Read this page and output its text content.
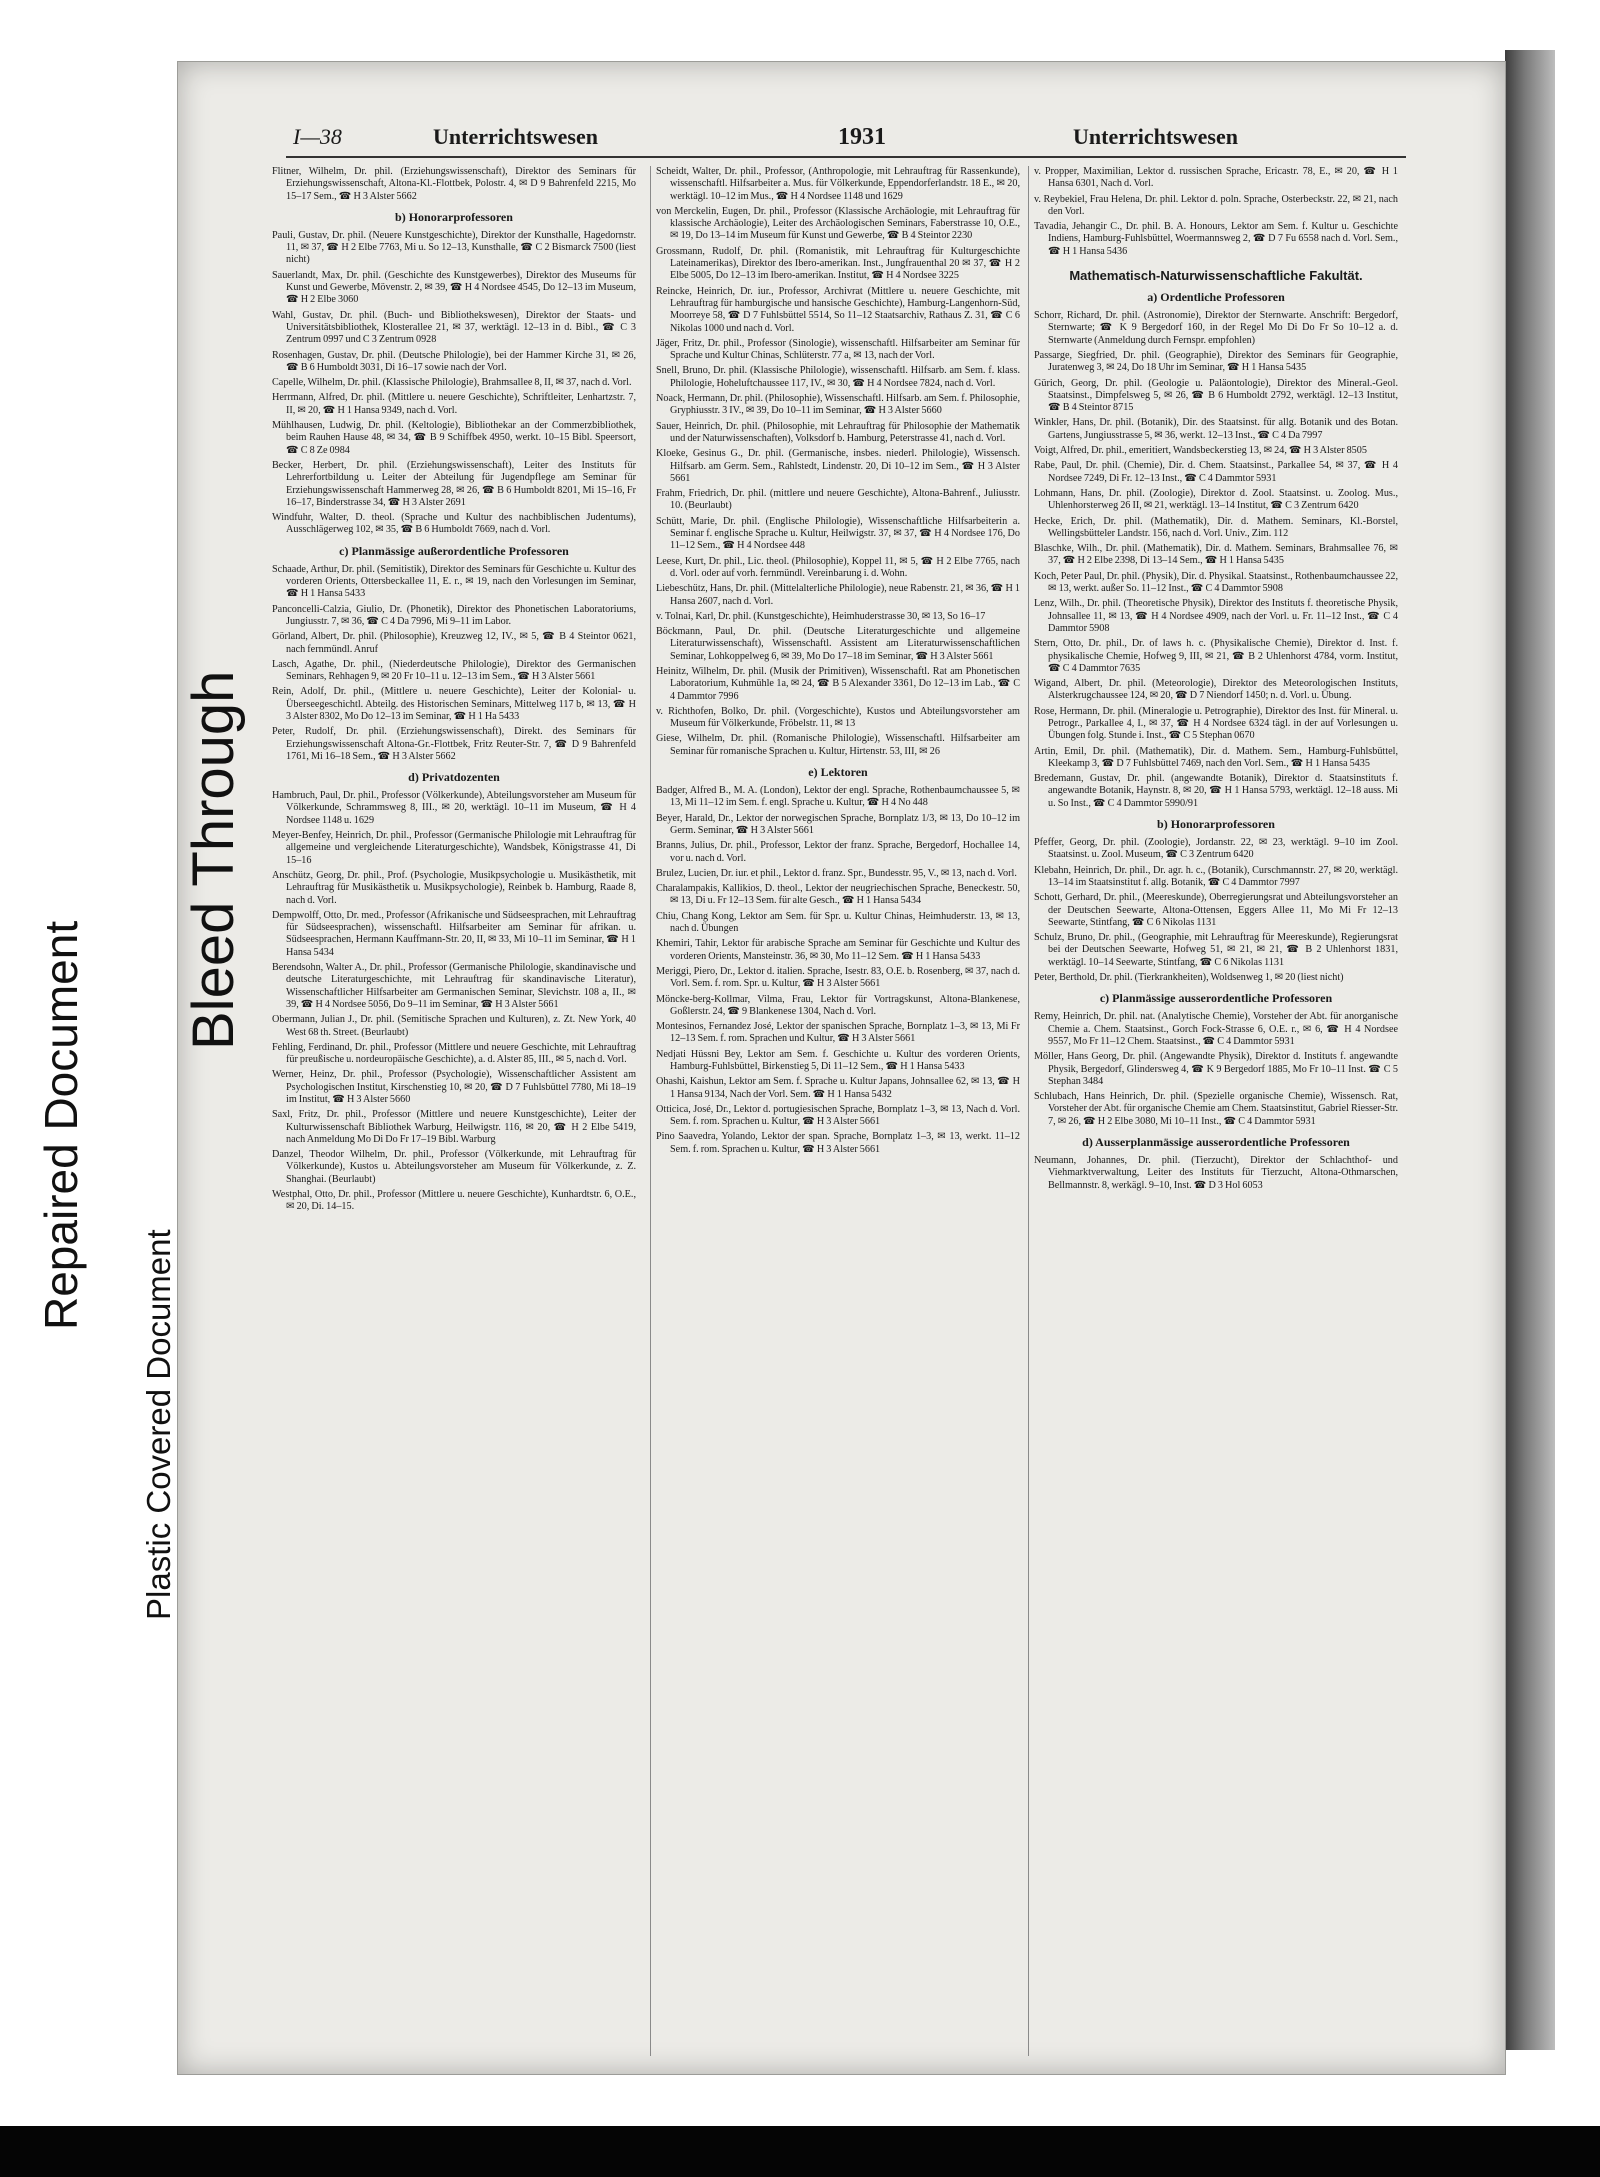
I—38	Unterrichtswesen	1931	Unterrichtswesen

Flitner, Wilhelm, Dr. phil. (Erziehungswissenschaft), Direktor des Seminars für Erziehungswissenschaft, Altona-Kl.-Flottbek, Polostr. 4, ✉ D 9 Bahrenfeld 2215, Mo 15–17 Sem., ☎ H 3 Alster 5662

b) Honorarprofessoren

Pauli, Gustav, Dr. phil. (Neuere Kunstgeschichte), Direktor der Kunsthalle, Hagedornstr. 11, ✉ 37, ☎ H 2 Elbe 7763, Mi u. So 12–13, Kunsthalle, ☎ C 2 Bismarck 7500 (liest nicht)

Sauerlandt, Max, Dr. phil. (Geschichte des Kunstgewerbes), Direktor des Museums für Kunst und Gewerbe, Mövenstr. 2, ✉ 39, ☎ H 4 Nordsee 4545, Do 12–13 im Museum, ☎ H 2 Elbe 3060

Wahl, Gustav, Dr. phil. (Buch- und Bibliothekswesen), Direktor der Staats- und Universitätsbibliothek, Klosterallee 21, ✉ 37, werktägl. 12–13 in d. Bibl., ☎ C 3 Zentrum 0997 und C 3 Zentrum 0928

Rosenhagen, Gustav, Dr. phil. (Deutsche Philologie), bei der Hammer Kirche 31, ✉ 26, ☎ B 6 Humboldt 3031, Di 16–17 sowie nach der Vorl.

Capelle, Wilhelm, Dr. phil. (Klassische Philologie), Brahmsallee 8, II, ✉ 37, nach d. Vorl.

Herrmann, Alfred, Dr. phil. (Mittlere u. neuere Geschichte), Schriftleiter, Lenhartzstr. 7, II, ✉ 20, ☎ H 1 Hansa 9349, nach d. Vorl.

Mühlhausen, Ludwig, Dr. phil. (Keltologie), Bibliothekar an der Commerzbibliothek, beim Rauhen Hause 48, ✉ 34, ☎ B 9 Schiffbek 4950, werkt. 10–15 Bibl. Speersort, ☎ C 8 Ze 0984

Becker, Herbert, Dr. phil. (Erziehungswissenschaft), Leiter des Instituts für Lehrerfortbildung u. Leiter der Abteilung für Jugendpflege am Seminar für Erziehungswissenschaft Hammerweg 28, ✉ 26, ☎ B 6 Humboldt 8201, Mi 15–16, Fr 16–17, Binderstrasse 34, ☎ H 3 Alster 2691

Windfuhr, Walter, D. theol. (Sprache und Kultur des nachbiblischen Judentums), Ausschlägerweg 102, ✉ 35, ☎ B 6 Humboldt 7669, nach d. Vorl.

c) Planmässige außerordentliche Professoren

Schaade, Arthur, Dr. phil. (Semitistik), Direktor des Seminars für Geschichte u. Kultur des vorderen Orients, Ottersbeckallee 11, E. r., ✉ 19, nach den Vorlesungen im Seminar, ☎ H 1 Hansa 5433

Panconcelli-Calzia, Giulio, Dr. (Phonetik), Direktor des Phonetischen Laboratoriums, Jungiusstr. 7, ✉ 36, ☎ C 4 Da 7996, Mi 9–11 im Labor.

Görland, Albert, Dr. phil. (Philosophie), Kreuzweg 12, IV., ✉ 5, ☎ B 4 Steintor 0621, nach fernmündl. Anruf

Lasch, Agathe, Dr. phil., (Niederdeutsche Philologie), Direktor des Germanischen Seminars, Rehhagen 9, ✉ 20 Fr 10–11 u. 12–13 im Sem., ☎ H 3 Alster 5661

Rein, Adolf, Dr. phil., (Mittlere u. neuere Geschichte), Leiter der Kolonial- u. Überseegeschichtl. Abteilg. des Historischen Seminars, Mittelweg 117 b, ✉ 13, ☎ H 3 Alster 8302, Mo Do 12–13 im Seminar, ☎ H 1 Ha 5433

Peter, Rudolf, Dr. phil. (Erziehungswissenschaft), Direkt. des Seminars für Erziehungswissenschaft Altona-Gr.-Flottbek, Fritz Reuter-Str. 7, ☎ D 9 Bahrenfeld 1761, Mi 16–18 Sem., ☎ H 3 Alster 5662

d) Privatdozenten

Hambruch, Paul, Dr. phil., Professor (Völkerkunde), Abteilungsvorsteher am Museum für Völkerkunde, Schrammsweg 8, III., ✉ 20, werktägl. 10–11 im Museum, ☎ H 4 Nordsee 1148 u. 1629

Meyer-Benfey, Heinrich, Dr. phil., Professor (Germanische Philologie mit Lehrauftrag für allgemeine und vergleichende Literaturgeschichte), Wandsbek, Königstrasse 41, Di 15–16

Anschütz, Georg, Dr. phil., Prof. (Psychologie, Musikpsychologie u. Musikästhetik, mit Lehrauftrag für Musikästhetik u. Musikpsychologie), Reinbek b. Hamburg, Raade 8, nach d. Vorl.

Dempwolff, Otto, Dr. med., Professor (Afrikanische und Südseesprachen, mit Lehrauftrag für Südseesprachen), wissenschaftl. Hilfsarbeiter am Seminar für afrikan. u. Südseesprachen, Hermann Kauffmann-Str. 20, II, ✉ 33, Mi 10–11 im Seminar, ☎ H 1 Hansa 5434

Berendsohn, Walter A., Dr. phil., Professor (Germanische Philologie, skandinavische und deutsche Literaturgeschichte, mit Lehrauftrag für skandinavische Literatur), Wissenschaftlicher Hilfsarbeiter am Germanischen Seminar, Slevichstr. 108 a, II., ✉ 39, ☎ H 4 Nordsee 5056, Do 9–11 im Seminar, ☎ H 3 Alster 5661

Obermann, Julian J., Dr. phil. (Semitische Sprachen und Kulturen), z. Zt. New York, 40 West 68 th. Street. (Beurlaubt)

Fehling, Ferdinand, Dr. phil., Professor (Mittlere und neuere Geschichte, mit Lehrauftrag für preußische u. nordeuropäische Geschichte), a. d. Alster 85, III., ✉ 5, nach d. Vorl.

Werner, Heinz, Dr. phil., Professor (Psychologie), Wissenschaftlicher Assistent am Psychologischen Institut, Kirschenstieg 10, ✉ 20, ☎ D 7 Fuhlsbüttel 7780, Mi 18–19 im Institut, ☎ H 3 Alster 5660

Saxl, Fritz, Dr. phil., Professor (Mittlere und neuere Kunstgeschichte), Leiter der Kulturwissenschaft Bibliothek Warburg, Heilwigstr. 116, ✉ 20, ☎ H 2 Elbe 5419, nach Anmeldung Mo Di Do Fr 17–19 Bibl. Warburg

Danzel, Theodor Wilhelm, Dr. phil., Professor (Völkerkunde, mit Lehrauftrag für Völkerkunde), Kustos u. Abteilungsvorsteher am Museum für Völkerkunde, z. Z. Shanghai. (Beurlaubt)

Westphal, Otto, Dr. phil., Professor (Mittlere u. neuere Geschichte), Kunhardtstr. 6, O.E., ✉ 20, Di. 14–15.

Scheidt, Walter, Dr. phil., Professor, (Anthropologie, mit Lehrauftrag für Rassenkunde), wissenschaftl. Hilfsarbeiter a. Mus. für Völkerkunde, Eppendorferlandstr. 18 E., ✉ 20, werktägl. 10–12 im Mus., ☎ H 4 Nordsee 1148 und 1629

von Merckelin, Eugen, Dr. phil., Professor (Klassische Archäologie, mit Lehrauftrag für klassische Archäologie), Leiter des Archäologischen Seminars, Faberstrasse 10, O.E., ✉ 19, Do 13–14 im Museum für Kunst und Gewerbe, ☎ B 4 Steintor 2230

Grossmann, Rudolf, Dr. phil. (Romanistik, mit Lehrauftrag für Kulturgeschichte Lateinamerikas), Direktor des Ibero-amerikan. Inst., Jungfrauenthal 20 ✉ 37, ☎ H 2 Elbe 5005, Do 12–13 im Ibero-amerikan. Institut, ☎ H 4 Nordsee 3225

Reincke, Heinrich, Dr. iur., Professor, Archivrat (Mittlere u. neuere Geschichte, mit Lehrauftrag für hamburgische und hansische Geschichte), Hamburg-Langenhorn-Süd, Moorreye 58, ☎ D 7 Fuhlsbüttel 5514, So 11–12 Staatsarchiv, Rathaus Z. 31, ☎ C 6 Nikolas 1000 und nach d. Vorl.

Jäger, Fritz, Dr. phil., Professor (Sinologie), wissenschaftl. Hilfsarbeiter am Seminar für Sprache und Kultur Chinas, Schlüterstr. 77 a, ✉ 13, nach der Vorl.

Snell, Bruno, Dr. phil. (Klassische Philologie), wissenschaftl. Hilfsarb. am Sem. f. klass. Philologie, Hoheluftchaussee 117, IV., ✉ 30, ☎ H 4 Nordsee 7824, nach d. Vorl.

Noack, Hermann, Dr. phil. (Philosophie), Wissenschaftl. Hilfsarb. am Sem. f. Philosophie, Gryphiusstr. 3 IV., ✉ 39, Do 10–11 im Seminar, ☎ H 3 Alster 5660

Sauer, Heinrich, Dr. phil. (Philosophie, mit Lehrauftrag für Philosophie der Mathematik und der Naturwissenschaften), Volksdorf b. Hamburg, Peterstrasse 41, nach d. Vorl.

Kloeke, Gesinus G., Dr. phil. (Germanische, insbes. niederl. Philologie), Wissensch. Hilfsarb. am Germ. Sem., Rahlstedt, Lindenstr. 20, Di 10–12 im Sem., ☎ H 3 Alster 5661

Frahm, Friedrich, Dr. phil. (mittlere und neuere Geschichte), Altona-Bahrenf., Juliusstr. 10. (Beurlaubt)

Schütt, Marie, Dr. phil. (Englische Philologie), Wissenschaftliche Hilfsarbeiterin a. Seminar f. englische Sprache u. Kultur, Heilwigstr. 37, ✉ 37, ☎ H 4 Nordsee 176, Do 11–12 Sem., ☎ H 4 Nordsee 448

Leese, Kurt, Dr. phil., Lic. theol. (Philosophie), Koppel 11, ✉ 5, ☎ H 2 Elbe 7765, nach d. Vorl. oder auf vorh. fernmündl. Vereinbarung i. d. Wohn.

Liebeschütz, Hans, Dr. phil. (Mittelalterliche Philologie), neue Rabenstr. 21, ✉ 36, ☎ H 1 Hansa 2607, nach d. Vorl.

v. Tolnai, Karl, Dr. phil. (Kunstgeschichte), Heimhuderstrasse 30, ✉ 13, So 16–17

Böckmann, Paul, Dr. phil. (Deutsche Literaturgeschichte und allgemeine Literaturwissenschaft), Wissenschaftl. Assistent am Literaturwissenschaftlichen Seminar, Lohkoppelweg 6, ✉ 39, Mo Do 17–18 im Seminar, ☎ H 3 Alster 5661

Heinitz, Wilhelm, Dr. phil. (Musik der Primitiven), Wissenschaftl. Rat am Phonetischen Laboratorium, Kuhmühle 1a, ✉ 24, ☎ B 5 Alexander 3361, Do 12–13 im Lab., ☎ C 4 Dammtor 7996

v. Richthofen, Bolko, Dr. phil. (Vorgeschichte), Kustos und Abteilungsvorsteher am Museum für Völkerkunde, Fröbelstr. 11, ✉ 13

Giese, Wilhelm, Dr. phil. (Romanische Philologie), Wissenschaftl. Hilfsarbeiter am Seminar für romanische Sprachen u. Kultur, Hirtenstr. 53, III, ✉ 26

e) Lektoren

Badger, Alfred B., M. A. (London), Lektor der engl. Sprache, Rothenbaumchaussee 5, ✉ 13, Mi 11–12 im Sem. f. engl. Sprache u. Kultur, ☎ H 4 No 448

Beyer, Harald, Dr., Lektor der norwegischen Sprache, Bornplatz 1/3, ✉ 13, Do 10–12 im Germ. Seminar, ☎ H 3 Alster 5661

Branns, Julius, Dr. phil., Professor, Lektor der franz. Sprache, Bergedorf, Hochallee 14, vor u. nach d. Vorl.

Brulez, Lucien, Dr. iur. et phil., Lektor d. franz. Spr., Bundesstr. 95, V., ✉ 13, nach d. Vorl.

Charalampakis, Kallikios, D. theol., Lektor der neugriechischen Sprache, Beneckestr. 50, ✉ 13, Di u. Fr 12–13 Sem. für alte Gesch., ☎ H 1 Hansa 5434

Chiu, Chang Kong, Lektor am Sem. für Spr. u. Kultur Chinas, Heimhuderstr. 13, ✉ 13, nach d. Übungen

Khemiri, Tahir, Lektor für arabische Sprache am Seminar für Geschichte und Kultur des vorderen Orients, Mansteinstr. 36, ✉ 30, Mo 11–12 Sem. ☎ H 1 Hansa 5433

Meriggi, Piero, Dr., Lektor d. italien. Sprache, Isestr. 83, O.E. b. Rosenberg, ✉ 37, nach d. Vorl. Sem. f. rom. Spr. u. Kultur, ☎ H 3 Alster 5661

Möncke-berg-Kollmar, Vilma, Frau, Lektor für Vortragskunst, Altona-Blankenese, Goßlerstr. 24, ☎ 9 Blankenese 1304, Nach d. Vorl.

Montesinos, Fernandez José, Lektor der spanischen Sprache, Bornplatz 1–3, ✉ 13, Mi Fr 12–13 Sem. f. rom. Sprachen und Kultur, ☎ H 3 Alster 5661

Nedjati Hüssni Bey, Lektor am Sem. f. Geschichte u. Kultur des vorderen Orients, Hamburg-Fuhlsbüttel, Birkenstieg 5, Di 11–12 Sem., ☎ H 1 Hansa 5433

Ohashi, Kaishun, Lektor am Sem. f. Sprache u. Kultur Japans, Johnsallee 62, ✉ 13, ☎ H 1 Hansa 9134, Nach der Vorl. Sem. ☎ H 1 Hansa 5432

Otticica, José, Dr., Lektor d. portugiesischen Sprache, Bornplatz 1–3, ✉ 13, Nach d. Vorl. Sem. f. rom. Sprachen u. Kultur, ☎ H 3 Alster 5661

Pino Saavedra, Yolando, Lektor der span. Sprache, Bornplatz 1–3, ✉ 13, werkt. 11–12 Sem. f. rom. Sprachen u. Kultur, ☎ H 3 Alster 5661

v. Propper, Maximilian, Lektor d. russischen Sprache, Ericastr. 78, E., ✉ 20, ☎ H 1 Hansa 6301, Nach d. Vorl.

v. Reybekiel, Frau Helena, Dr. phil. Lektor d. poln. Sprache, Osterbeckstr. 22, ✉ 21, nach den Vorl.

Tavadia, Jehangir C., Dr. phil. B. A. Honours, Lektor am Sem. f. Kultur u. Geschichte Indiens, Hamburg-Fuhlsbüttel, Woermannsweg 2, ☎ D 7 Fu 6558 nach d. Vorl. Sem., ☎ H 1 Hansa 5436

Mathematisch-Naturwissenschaftliche Fakultät.

a) Ordentliche Professoren

Schorr, Richard, Dr. phil. (Astronomie), Direktor der Sternwarte. Anschrift: Bergedorf, Sternwarte; ☎ K 9 Bergedorf 160, in der Regel Mo Di Do Fr So 10–12 a. d. Sternwarte (Anmeldung durch Fernspr. empfohlen)

Passarge, Siegfried, Dr. phil. (Geographie), Direktor des Seminars für Geographie, Juratenweg 3, ✉ 24, Do 18 Uhr im Seminar, ☎ H 1 Hansa 5435

Gürich, Georg, Dr. phil. (Geologie u. Paläontologie), Direktor des Mineral.-Geol. Staatsinst., Dimpfelsweg 5, ✉ 26, ☎ B 6 Humboldt 2792, werktägl. 12–13 Institut, ☎ B 4 Steintor 8715

Winkler, Hans, Dr. phil. (Botanik), Dir. des Staatsinst. für allg. Botanik und des Botan. Gartens, Jungiusstrasse 5, ✉ 36, werkt. 12–13 Inst., ☎ C 4 Da 7997

Voigt, Alfred, Dr. phil., emeritiert, Wandsbeckerstieg 13, ✉ 24, ☎ H 3 Alster 8505

Rabe, Paul, Dr. phil. (Chemie), Dir. d. Chem. Staatsinst., Parkallee 54, ✉ 37, ☎ H 4 Nordsee 7249, Di Fr. 12–13 Inst., ☎ C 4 Dammtor 5931

Lohmann, Hans, Dr. phil. (Zoologie), Direktor d. Zool. Staatsinst. u. Zoolog. Mus., Uhlenhorsterweg 26 II, ✉ 21, werktägl. 13–14 Institut, ☎ C 3 Zentrum 6420

Hecke, Erich, Dr. phil. (Mathematik), Dir. d. Mathem. Seminars, Kl.-Borstel, Wellingsbütteler Landstr. 156, nach d. Vorl. Univ., Zim. 112

Blaschke, Wilh., Dr. phil. (Mathematik), Dir. d. Mathem. Seminars, Brahmsallee 76, ✉ 37, ☎ H 2 Elbe 2398, Di 13–14 Sem., ☎ H 1 Hansa 5435

Koch, Peter Paul, Dr. phil. (Physik), Dir. d. Physikal. Staatsinst., Rothenbaumchaussee 22, ✉ 13, werkt. außer So. 11–12 Inst., ☎ C 4 Dammtor 5908

Lenz, Wilh., Dr. phil. (Theoretische Physik), Direktor des Instituts f. theoretische Physik, Johnsallee 11, ✉ 13, ☎ H 4 Nordsee 4909, nach der Vorl. u. Fr. 11–12 Inst., ☎ C 4 Dammtor 5908

Stern, Otto, Dr. phil., Dr. of laws h. c. (Physikalische Chemie), Direktor d. Inst. f. physikalische Chemie, Hofweg 9, III, ✉ 21, ☎ B 2 Uhlenhorst 4784, vorm. Institut, ☎ C 4 Dammtor 7635

Wigand, Albert, Dr. phil. (Meteorologie), Direktor des Meteorologischen Instituts, Alsterkrugchaussee 124, ✉ 20, ☎ D 7 Niendorf 1450; n. d. Vorl. u. Übung.

Rose, Hermann, Dr. phil. (Mineralogie u. Petrographie), Direktor des Inst. für Mineral. u. Petrogr., Parkallee 4, I., ✉ 37, ☎ H 4 Nordsee 6324 tägl. in der auf Vorlesungen u. Übungen folg. Stunde i. Inst., ☎ C 5 Stephan 0670

Artin, Emil, Dr. phil. (Mathematik), Dir. d. Mathem. Sem., Hamburg-Fuhlsbüttel, Kleekamp 3, ☎ D 7 Fuhlsbüttel 7469, nach den Vorl. Sem., ☎ H 1 Hansa 5435

Bredemann, Gustav, Dr. phil. (angewandte Botanik), Direktor d. Staatsinstituts f. angewandte Botanik, Haynstr. 8, ✉ 20, ☎ H 1 Hansa 5793, werktägl. 12–18 auss. Mi u. So Inst., ☎ C 4 Dammtor 5990/91

b) Honorarprofessoren

Pfeffer, Georg, Dr. phil. (Zoologie), Jordanstr. 22, ✉ 23, werktägl. 9–10 im Zool. Staatsinst. u. Zool. Museum, ☎ C 3 Zentrum 6420

Klebahn, Heinrich, Dr. phil., Dr. agr. h. c., (Botanik), Curschmannstr. 27, ✉ 20, werktägl. 13–14 im Staatsinstitut f. allg. Botanik, ☎ C 4 Dammtor 7997

Schott, Gerhard, Dr. phil., (Meereskunde), Oberregierungsrat und Abteilungsvorsteher an der Deutschen Seewarte, Altona-Ottensen, Eggers Allee 11, Mo Mi Fr 12–13 Seewarte, Stintfang, ☎ C 6 Nikolas 1131

Schulz, Bruno, Dr. phil., (Geographie, mit Lehrauftrag für Meereskunde), Regierungsrat bei der Deutschen Seewarte, Hofweg 51, ✉ 21, ✉ 21, ☎ B 2 Uhlenhorst 1831, werktägl. 10–14 Seewarte, Stintfang, ☎ C 6 Nikolas 1131

Peter, Berthold, Dr. phil. (Tierkrankheiten), Woldsenweg 1, ✉ 20 (liest nicht)

c) Planmässige ausserordentliche Professoren

Remy, Heinrich, Dr. phil. nat. (Analytische Chemie), Vorsteher der Abt. für anorganische Chemie a. Chem. Staatsinst., Gorch Fock-Strasse 6, O.E. r., ✉ 6, ☎ H 4 Nordsee 9557, Mo Fr 11–12 Chem. Staatsinst., ☎ C 4 Dammtor 5931

Möller, Hans Georg, Dr. phil. (Angewandte Physik), Direktor d. Instituts f. angewandte Physik, Bergedorf, Glindersweg 4, ☎ K 9 Bergedorf 1885, Mo Fr 10–11 Inst. ☎ C 5 Stephan 3484

Schlubach, Hans Heinrich, Dr. phil. (Spezielle organische Chemie), Wissensch. Rat, Vorsteher der Abt. für organische Chemie am Chem. Staatsinstitut, Gabriel Riesser-Str. 7, ✉ 26, ☎ H 2 Elbe 3080, Mi 10–11 Inst., ☎ C 4 Dammtor 5931

d) Ausserplanmässige ausserordentliche Professoren

Neumann, Johannes, Dr. phil. (Tierzucht), Direktor der Schlachthof- und Viehmarktverwaltung, Leiter des Instituts für Tierzucht, Altona-Othmarschen, Bellmannstr. 8, werkägl. 9–10, Inst. ☎ D 3 Hol 6053

Repaired Document
Bleed Through
Plastic Covered Document
